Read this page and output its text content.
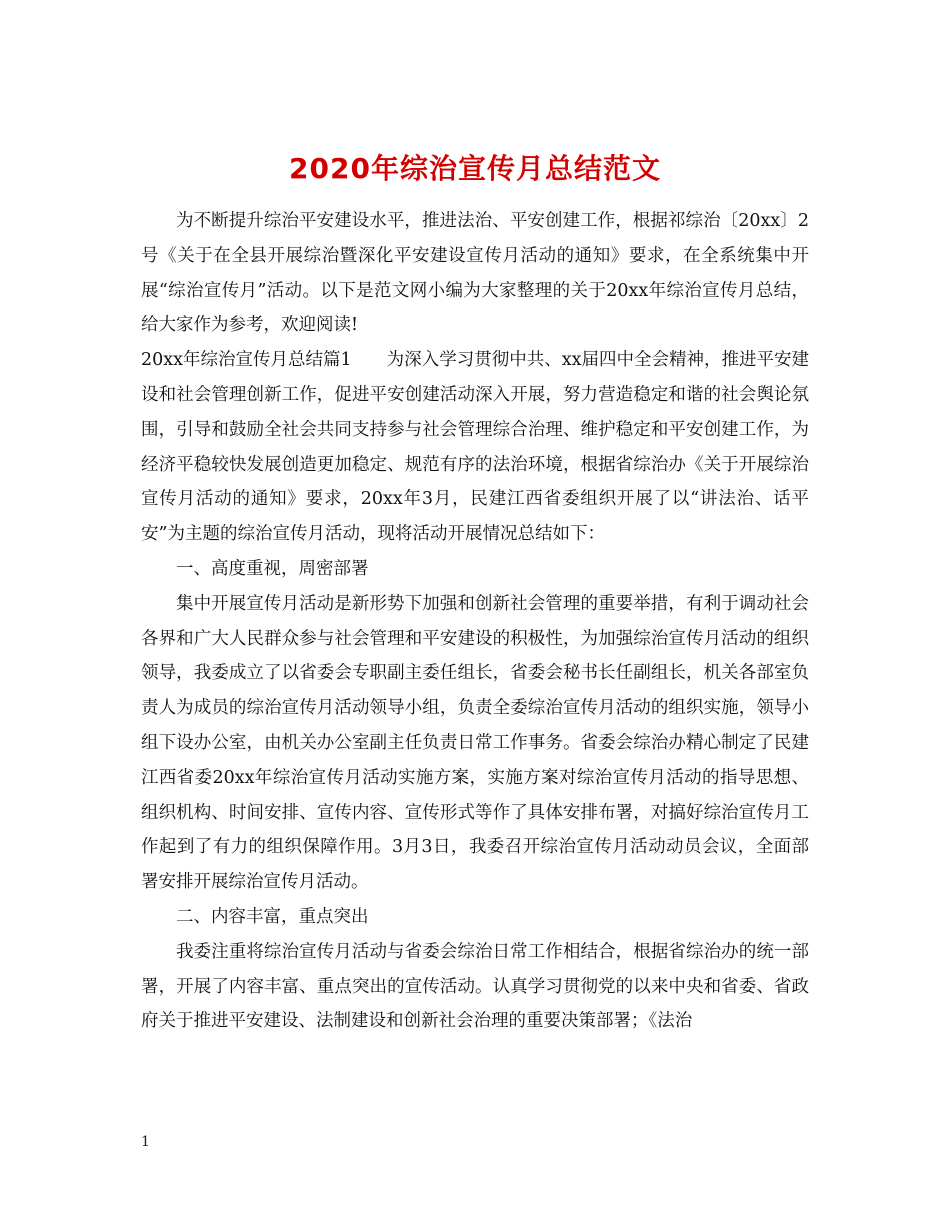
2020年综治宣传月总结范文

为不断提升综治平安建设水平，推进法治、平安创建工作，根据祁综治〔20xx〕2号《关于在全县开展综治暨深化平安建设宣传月活动的通知》要求，在全系统集中开展“综治宣传月”活动。以下是范文网小编为大家整理的关于20xx年综治宣传月总结，给大家作为参考，欢迎阅读!

20xx年综治宣传月总结篇1　　为深入学习贯彻中共、xx届四中全会精神，推进平安建设和社会管理创新工作，促进平安创建活动深入开展，努力营造稳定和谐的社会舆论氛围，引导和鼓励全社会共同支持参与社会管理综合治理、维护稳定和平安创建工作，为经济平稳较快发展创造更加稳定、规范有序的法治环境，根据省综治办《关于开展综治宣传月活动的通知》要求，20xx年3月，民建江西省委组织开展了以“讲法治、话平安”为主题的综治宣传月活动，现将活动开展情况总结如下：

一、高度重视，周密部署

集中开展宣传月活动是新形势下加强和创新社会管理的重要举措，有利于调动社会各界和广大人民群众参与社会管理和平安建设的积极性，为加强综治宣传月活动的组织领导，我委成立了以省委会专职副主委任组长，省委会秘书长任副组长，机关各部室负责人为成员的综治宣传月活动领导小组，负责全委综治宣传月活动的组织实施，领导小组下设办公室，由机关办公室副主任负责日常工作事务。省委会综治办精心制定了民建江西省委20xx年综治宣传月活动实施方案，实施方案对综治宣传月活动的指导思想、组织机构、时间安排、宣传内容、宣传形式等作了具体安排布署，对搞好综治宣传月工作起到了有力的组织保障作用。3月3日，我委召开综治宣传月活动动员会议，全面部署安排开展综治宣传月活动。

二、内容丰富，重点突出

我委注重将综治宣传月活动与省委会综治日常工作相结合，根据省综治办的统一部署，开展了内容丰富、重点突出的宣传活动。认真学习贯彻党的以来中央和省委、省政府关于推进平安建设、法制建设和创新社会治理的重要决策部署；《法治

1
